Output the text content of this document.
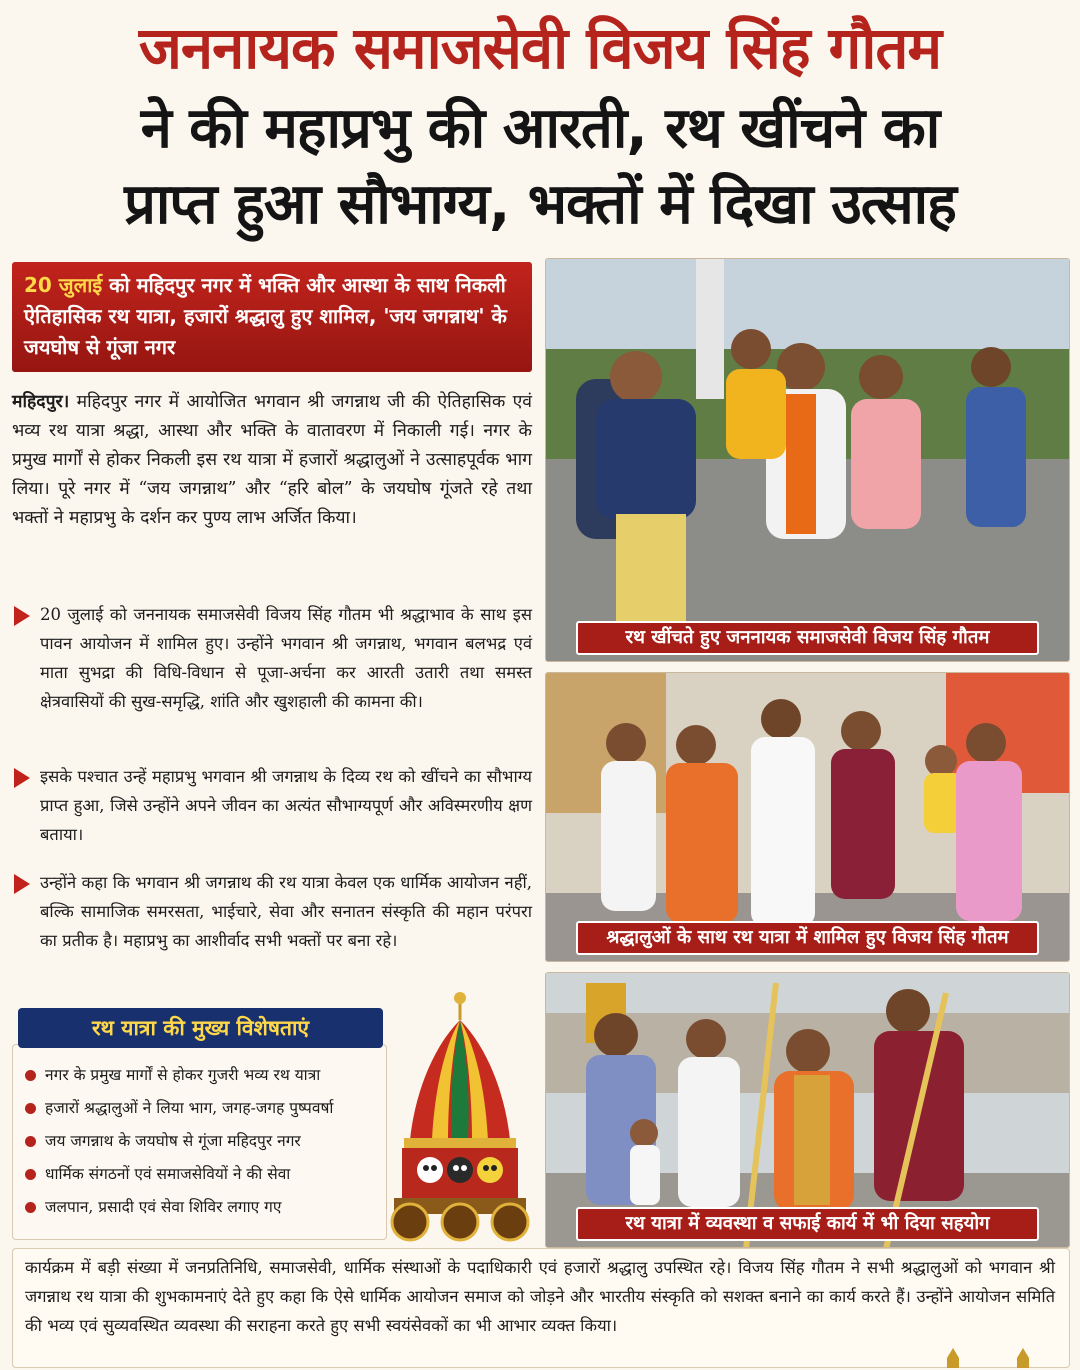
जननायक समाजसेवी विजय सिंह गौतम
ने की महाप्रभु की आरती, रथ खींचने का
प्राप्त हुआ सौभाग्य, भक्तों में दिखा उत्साह
20 जुलाई को महिदपुर नगर में भक्ति और आस्था के साथ निकली ऐतिहासिक रथ यात्रा, हजारों श्रद्धालु हुए शामिल, 'जय जगन्नाथ' के जयघोष से गूंजा नगर
महिदपुर। महिदपुर नगर में आयोजित भगवान श्री जगन्नाथ जी की ऐतिहासिक एवं भव्य रथ यात्रा श्रद्धा, आस्था और भक्ति के वातावरण में निकाली गई। नगर के प्रमुख मार्गों से होकर निकली इस रथ यात्रा में हजारों श्रद्धालुओं ने उत्साहपूर्वक भाग लिया। पूरे नगर में “जय जगन्नाथ” और “हरि बोल” के जयघोष गूंजते रहे तथा भक्तों ने महाप्रभु के दर्शन कर पुण्य लाभ अर्जित किया।
20 जुलाई को जननायक समाजसेवी विजय सिंह गौतम भी श्रद्धाभाव के साथ इस पावन आयोजन में शामिल हुए। उन्होंने भगवान श्री जगन्नाथ, भगवान बलभद्र एवं माता सुभद्रा की विधि-विधान से पूजा-अर्चना कर आरती उतारी तथा समस्त क्षेत्रवासियों की सुख-समृद्धि, शांति और खुशहाली की कामना की।
इसके पश्चात उन्हें महाप्रभु भगवान श्री जगन्नाथ के दिव्य रथ को खींचने का सौभाग्य प्राप्त हुआ, जिसे उन्होंने अपने जीवन का अत्यंत सौभाग्यपूर्ण और अविस्मरणीय क्षण बताया।
उन्होंने कहा कि भगवान श्री जगन्नाथ की रथ यात्रा केवल एक धार्मिक आयोजन नहीं, बल्कि सामाजिक समरसता, भाईचारे, सेवा और सनातन संस्कृति की महान परंपरा का प्रतीक है। महाप्रभु का आशीर्वाद सभी भक्तों पर बना रहे।
नगर के प्रमुख मार्गों से होकर गुजरी भव्य रथ यात्रा
हजारों श्रद्धालुओं ने लिया भाग, जगह-जगह पुष्पवर्षा
जय जगन्नाथ के जयघोष से गूंजा महिदपुर नगर
धार्मिक संगठनों एवं समाजसेवियों ने की सेवा
जलपान, प्रसादी एवं सेवा शिविर लगाए गए
रथ यात्रा की मुख्य विशेषताएं
रथ खींचते हुए जननायक समाजसेवी विजय सिंह गौतम
श्रद्धालुओं के साथ रथ यात्रा में शामिल हुए विजय सिंह गौतम
रथ यात्रा में व्यवस्था व सफाई कार्य में भी दिया सहयोग
कार्यक्रम में बड़ी संख्या में जनप्रतिनिधि, समाजसेवी, धार्मिक संस्थाओं के पदाधिकारी एवं हजारों श्रद्धालु उपस्थित रहे। विजय सिंह गौतम ने सभी श्रद्धालुओं को भगवान श्री जगन्नाथ रथ यात्रा की शुभकामनाएं देते हुए कहा कि ऐसे धार्मिक आयोजन समाज को जोड़ने और भारतीय संस्कृति को सशक्त बनाने का कार्य करते हैं। उन्होंने आयोजन समिति की भव्य एवं सुव्यवस्थित व्यवस्था की सराहना करते हुए सभी स्वयंसेवकों का भी आभार व्यक्त किया।
